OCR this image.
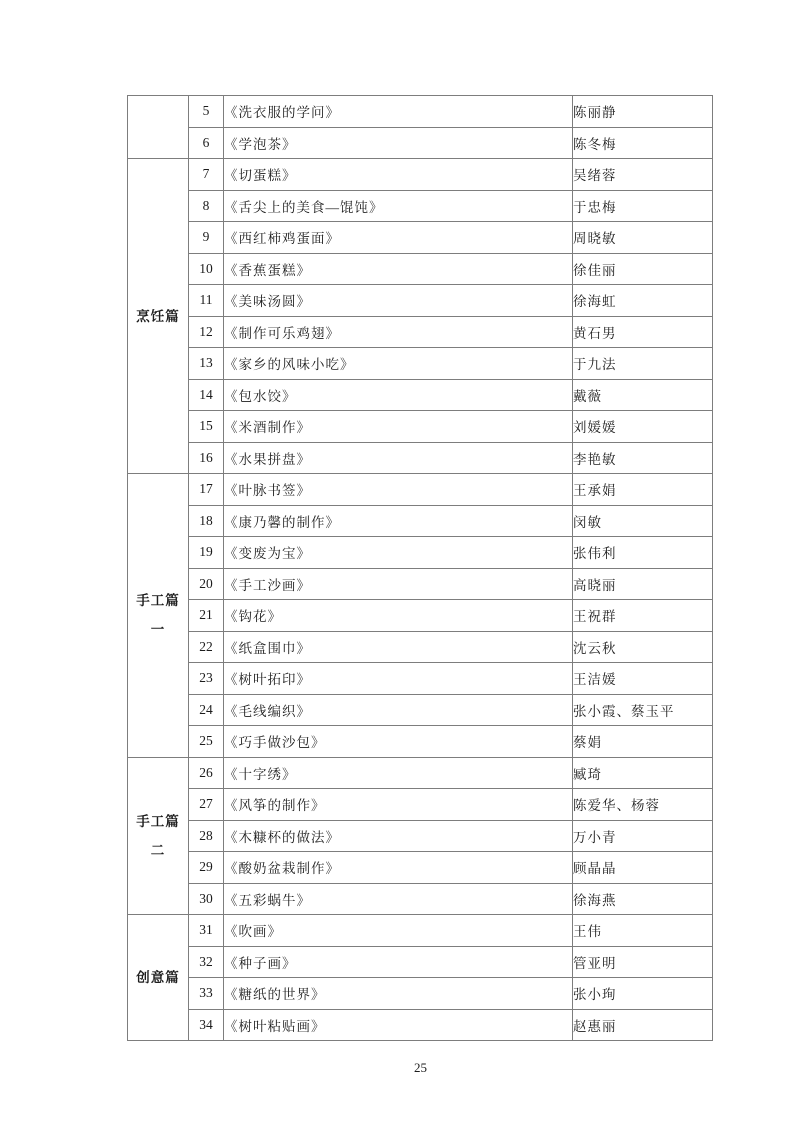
	5	《洗衣服的学问》	陈丽静
	6	《学泡茶》	陈冬梅

烹饪篇	7	《切蛋糕》	吴绪蓉
	8	《舌尖上的美食—馄饨》	于忠梅
	9	《西红柿鸡蛋面》	周晓敏
	10	《香蕉蛋糕》	徐佳丽
	11	《美味汤圆》	徐海虹
	12	《制作可乐鸡翅》	黄石男
	13	《家乡的风味小吃》	于九法
	14	《包水饺》	戴薇
	15	《米酒制作》	刘媛媛
	16	《水果拼盘》	李艳敏

手工篇
一	17	《叶脉书签》	王承娟
	18	《康乃馨的制作》	闵敏
	19	《变废为宝》	张伟利
	20	《手工沙画》	高晓丽
	21	《钩花》	王祝群
	22	《纸盒围巾》	沈云秋
	23	《树叶拓印》	王洁媛
	24	《毛线编织》	张小霞、蔡玉平
	25	《巧手做沙包》	蔡娟

手工篇
二	26	《十字绣》	臧琦
	27	《风筝的制作》	陈爱华、杨蓉
	28	《木糠杯的做法》	万小青
	29	《酸奶盆栽制作》	顾晶晶
	30	《五彩蜗牛》	徐海燕

创意篇	31	《吹画》	王伟
	32	《种子画》	管亚明
	33	《糖纸的世界》	张小珣
	34	《树叶粘贴画》	赵惠丽
25
